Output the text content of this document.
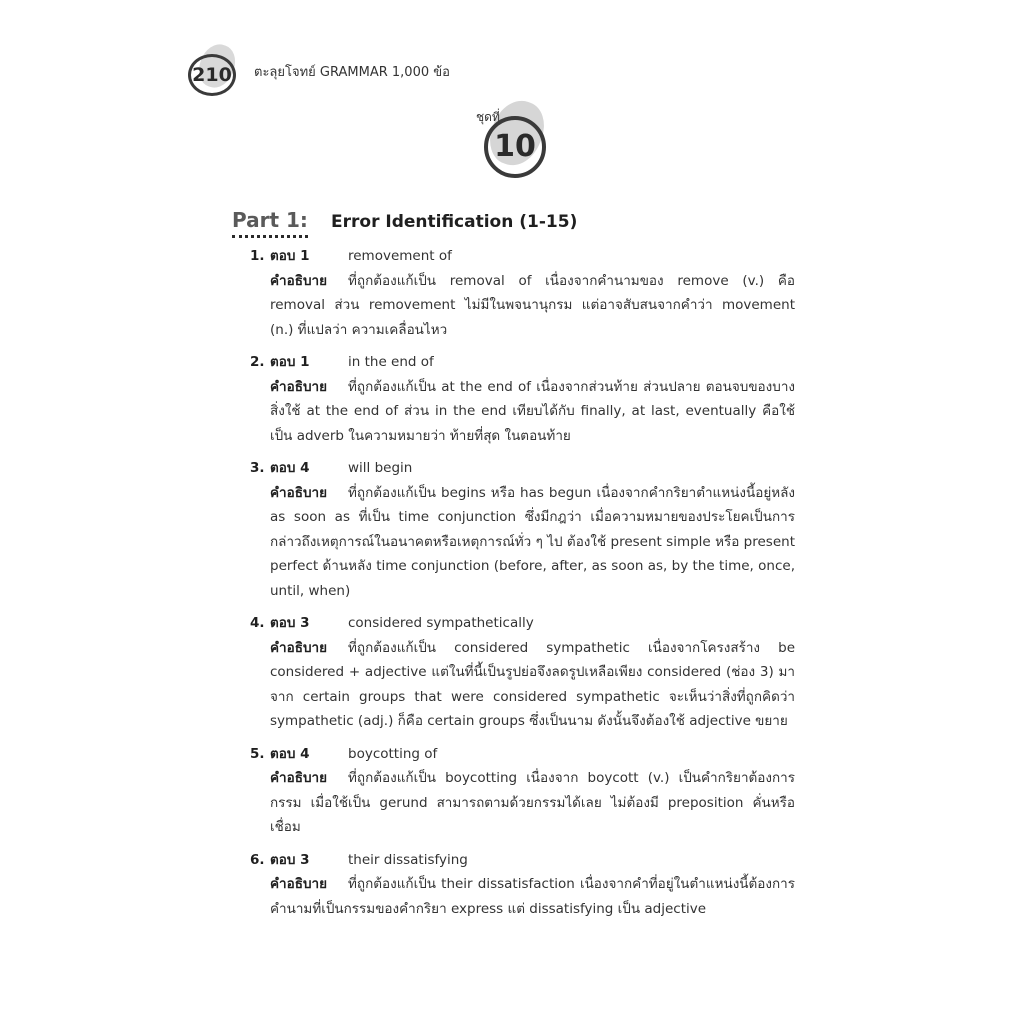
210	ตะลุยโจทย์ GRAMMAR 1,000 ข้อ
ชุดที่
10
Part 1: Error Identification (1-15)
1. ตอบ 1	removement of
คำอธิบาย ที่ถูกต้องแก้เป็น removal of เนื่องจากคำนามของ remove (v.) คือ removal ส่วน removement ไม่มีในพจนานุกรม แต่อาจสับสนจากคำว่า movement (n.) ที่แปลว่า ความเคลื่อนไหว
2. ตอบ 1	in the end of
คำอธิบาย ที่ถูกต้องแก้เป็น at the end of เนื่องจากส่วนท้าย ส่วนปลาย ตอนจบของบางสิ่งใช้ at the end of ส่วน in the end เทียบได้กับ finally, at last, eventually คือใช้เป็น adverb ในความหมายว่า ท้ายที่สุด ในตอนท้าย
3. ตอบ 4	will begin
คำอธิบาย ที่ถูกต้องแก้เป็น begins หรือ has begun เนื่องจากคำกริยาตำแหน่งนี้อยู่หลัง as soon as ที่เป็น time conjunction ซึ่งมีกฎว่า เมื่อความหมายของประโยคเป็นการกล่าวถึงเหตุการณ์ในอนาคตหรือเหตุการณ์ทั่ว ๆ ไป ต้องใช้ present simple หรือ present perfect ด้านหลัง time conjunction (before, after, as soon as, by the time, once, until, when)
4. ตอบ 3	considered sympathetically
คำอธิบาย ที่ถูกต้องแก้เป็น considered sympathetic เนื่องจากโครงสร้าง be considered + adjective แต่ในที่นี้เป็นรูปย่อจึงลดรูปเหลือเพียง considered (ช่อง 3) มาจาก certain groups that were considered sympathetic จะเห็นว่าสิ่งที่ถูกคิดว่า sympathetic (adj.) ก็คือ certain groups ซึ่งเป็นนาม ดังนั้นจึงต้องใช้ adjective ขยาย
5. ตอบ 4	boycotting of
คำอธิบาย ที่ถูกต้องแก้เป็น boycotting เนื่องจาก boycott (v.) เป็นคำกริยาต้องการกรรม เมื่อใช้เป็น gerund สามารถตามด้วยกรรมได้เลย ไม่ต้องมี preposition คั่นหรือเชื่อม
6. ตอบ 3	their dissatisfying
คำอธิบาย ที่ถูกต้องแก้เป็น their dissatisfaction เนื่องจากคำที่อยู่ในตำแหน่งนี้ต้องการคำนามที่เป็นกรรมของคำกริยา express แต่ dissatisfying เป็น adjective
